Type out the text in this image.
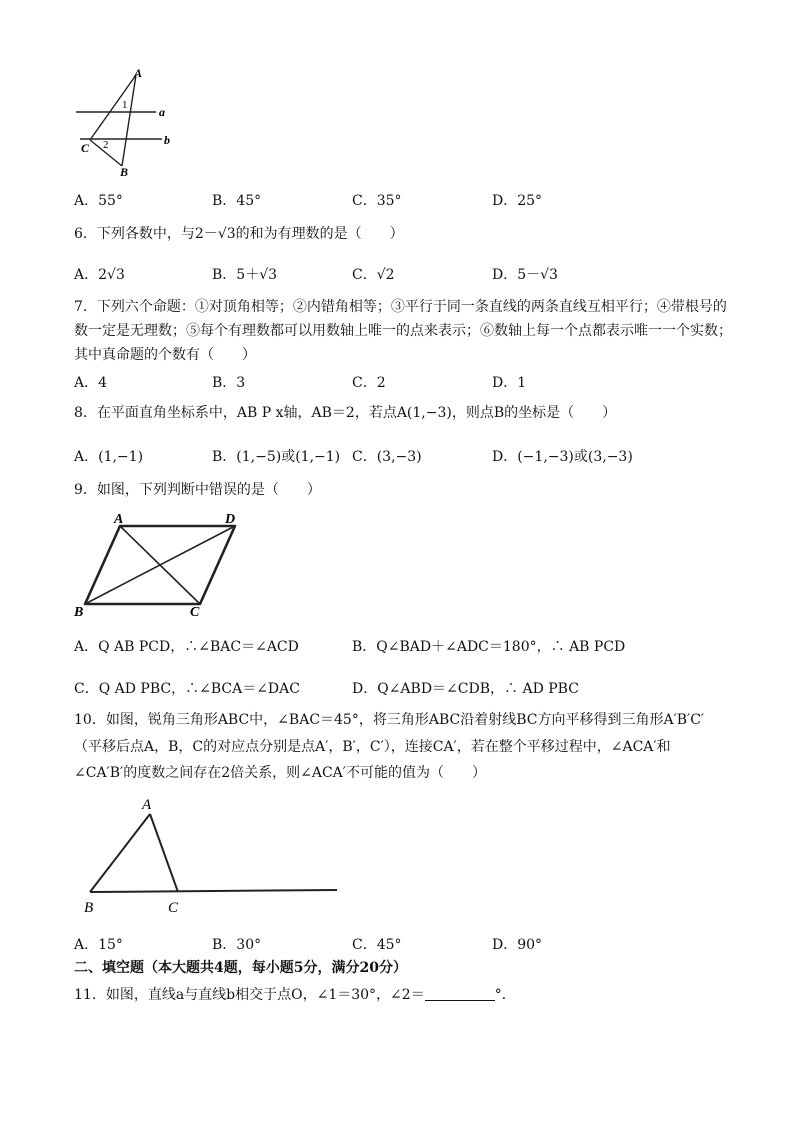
A
1	a
C 2	b
B
A．55°	B．45°	C．35°	D．25°
6．下列各数中，与2－√3的和为有理数的是（　　）
A．2√3	B．5＋√3	C．√2	D．5－√3
7．下列六个命题：①对顶角相等；②内错角相等；③平行于同一条直线的两条直线互相平行；④带根号的
数一定是无理数；⑤每个有理数都可以用数轴上唯一的点来表示；⑥数轴上每一个点都表示唯一一个实数；
其中真命题的个数有（　　）
A．4	B．3	C．2	D．1
8．在平面直角坐标系中，AB P x轴，AB＝2，若点A(1,−3)，则点B的坐标是（　　）
A．(1,−1)	B．(1,−5)或(1,−1) C．(3,−3)	D．(−1,−3)或(3,−3)
9．如图，下列判断中错误的是（　　）
A	D
B	C
A．Q AB PCD，∴∠BAC＝∠ACD	B．Q∠BAD＋∠ADC＝180°，∴ AB PCD
C．Q AD PBC，∴∠BCA＝∠DAC	D．Q∠ABD＝∠CDB，∴ AD PBC
10．如图，锐角三角形ABC中，∠BAC＝45°，将三角形ABC沿着射线BC方向平移得到三角形A′B′C′
（平移后点A，B，C的对应点分别是点A′，B′，C′），连接CA′，若在整个平移过程中，∠ACA′和
∠CA′B′的度数之间存在2倍关系，则∠ACA′不可能的值为（　　）
A
B	C
A．15°	B．30°	C．45°	D．90°
二、填空题（本大题共4题，每小题5分，满分20分）
11．如图，直线a与直线b相交于点O，∠1＝30°，∠2＝	°．
